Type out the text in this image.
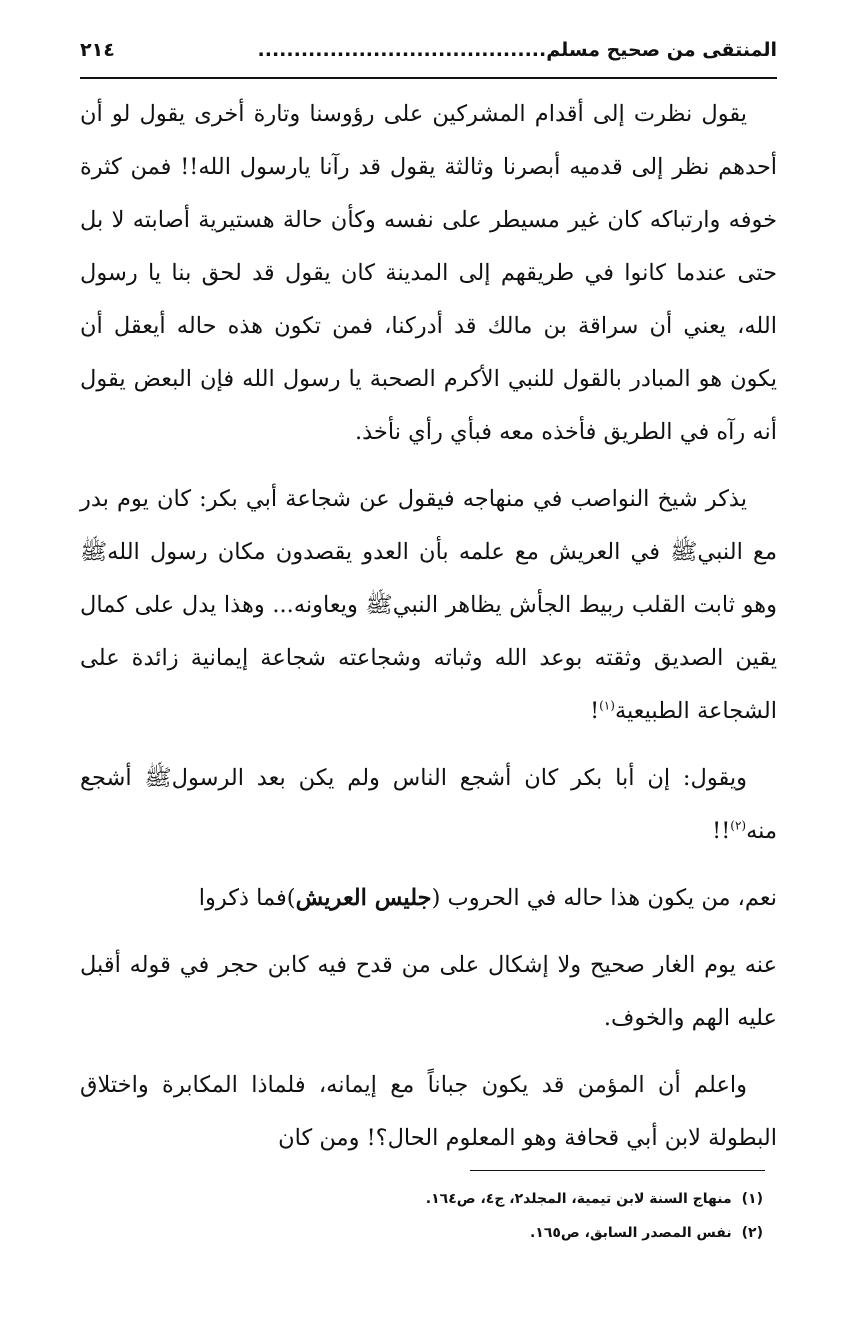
المنتقى من صحيح مسلم........................................
٢١٤

يقول نظرت إلى أقدام المشركين على رؤوسنا وتارة أخرى يقول لو أن أحدهم نظر إلى قدميه أبصرنا وثالثة يقول قد رآنا يارسول الله!! فمن كثرة خوفه وارتباكه كان غير مسيطر على نفسه وكأن حالة هستيرية أصابته لا بل حتى عندما كانوا في طريقهم إلى المدينة كان يقول قد لحق بنا يا رسول الله، يعني أن سراقة بن مالك قد أدركنا، فمن تكون هذه حاله أيعقل أن يكون هو المبادر بالقول للنبي الأكرم الصحبة يا رسول الله فإن البعض يقول أنه رآه في الطريق فأخذه معه فبأي رأي نأخذ.

يذكر شيخ النواصب في منهاجه فيقول عن شجاعة أبي بكر: كان يوم بدر مع النبيﷺ في العريش مع علمه بأن العدو يقصدون مكان رسول اللهﷺ وهو ثابت القلب ربيط الجأش يظاهر النبيﷺ ويعاونه... وهذا يدل على كمال يقين الصديق وثقته بوعد الله وثباته وشجاعته شجاعة إيمانية زائدة على الشجاعة الطبيعية$^{(١)}$!

ويقول: إن أبا بكر كان أشجع الناس ولم يكن بعد الرسولﷺ أشجع منه$^{(٢)}$!!

نعم، من يكون هذا حاله في الحروب (جليس العريش)فما ذكروا

عنه يوم الغار صحيح ولا إشكال على من قدح فيه كابن حجر في قوله أقبل عليه الهم والخوف.

واعلم أن المؤمن قد يكون جباناً مع إيمانه، فلماذا المكابرة واختلاق البطولة لابن أبي قحافة وهو المعلوم الحال؟! ومن كان

(١)منهاج السنة لابن تيمية، المجلد٢، ج٤، ص١٦٤.
(٢)نفس المصدر السابق، ص١٦٥.
